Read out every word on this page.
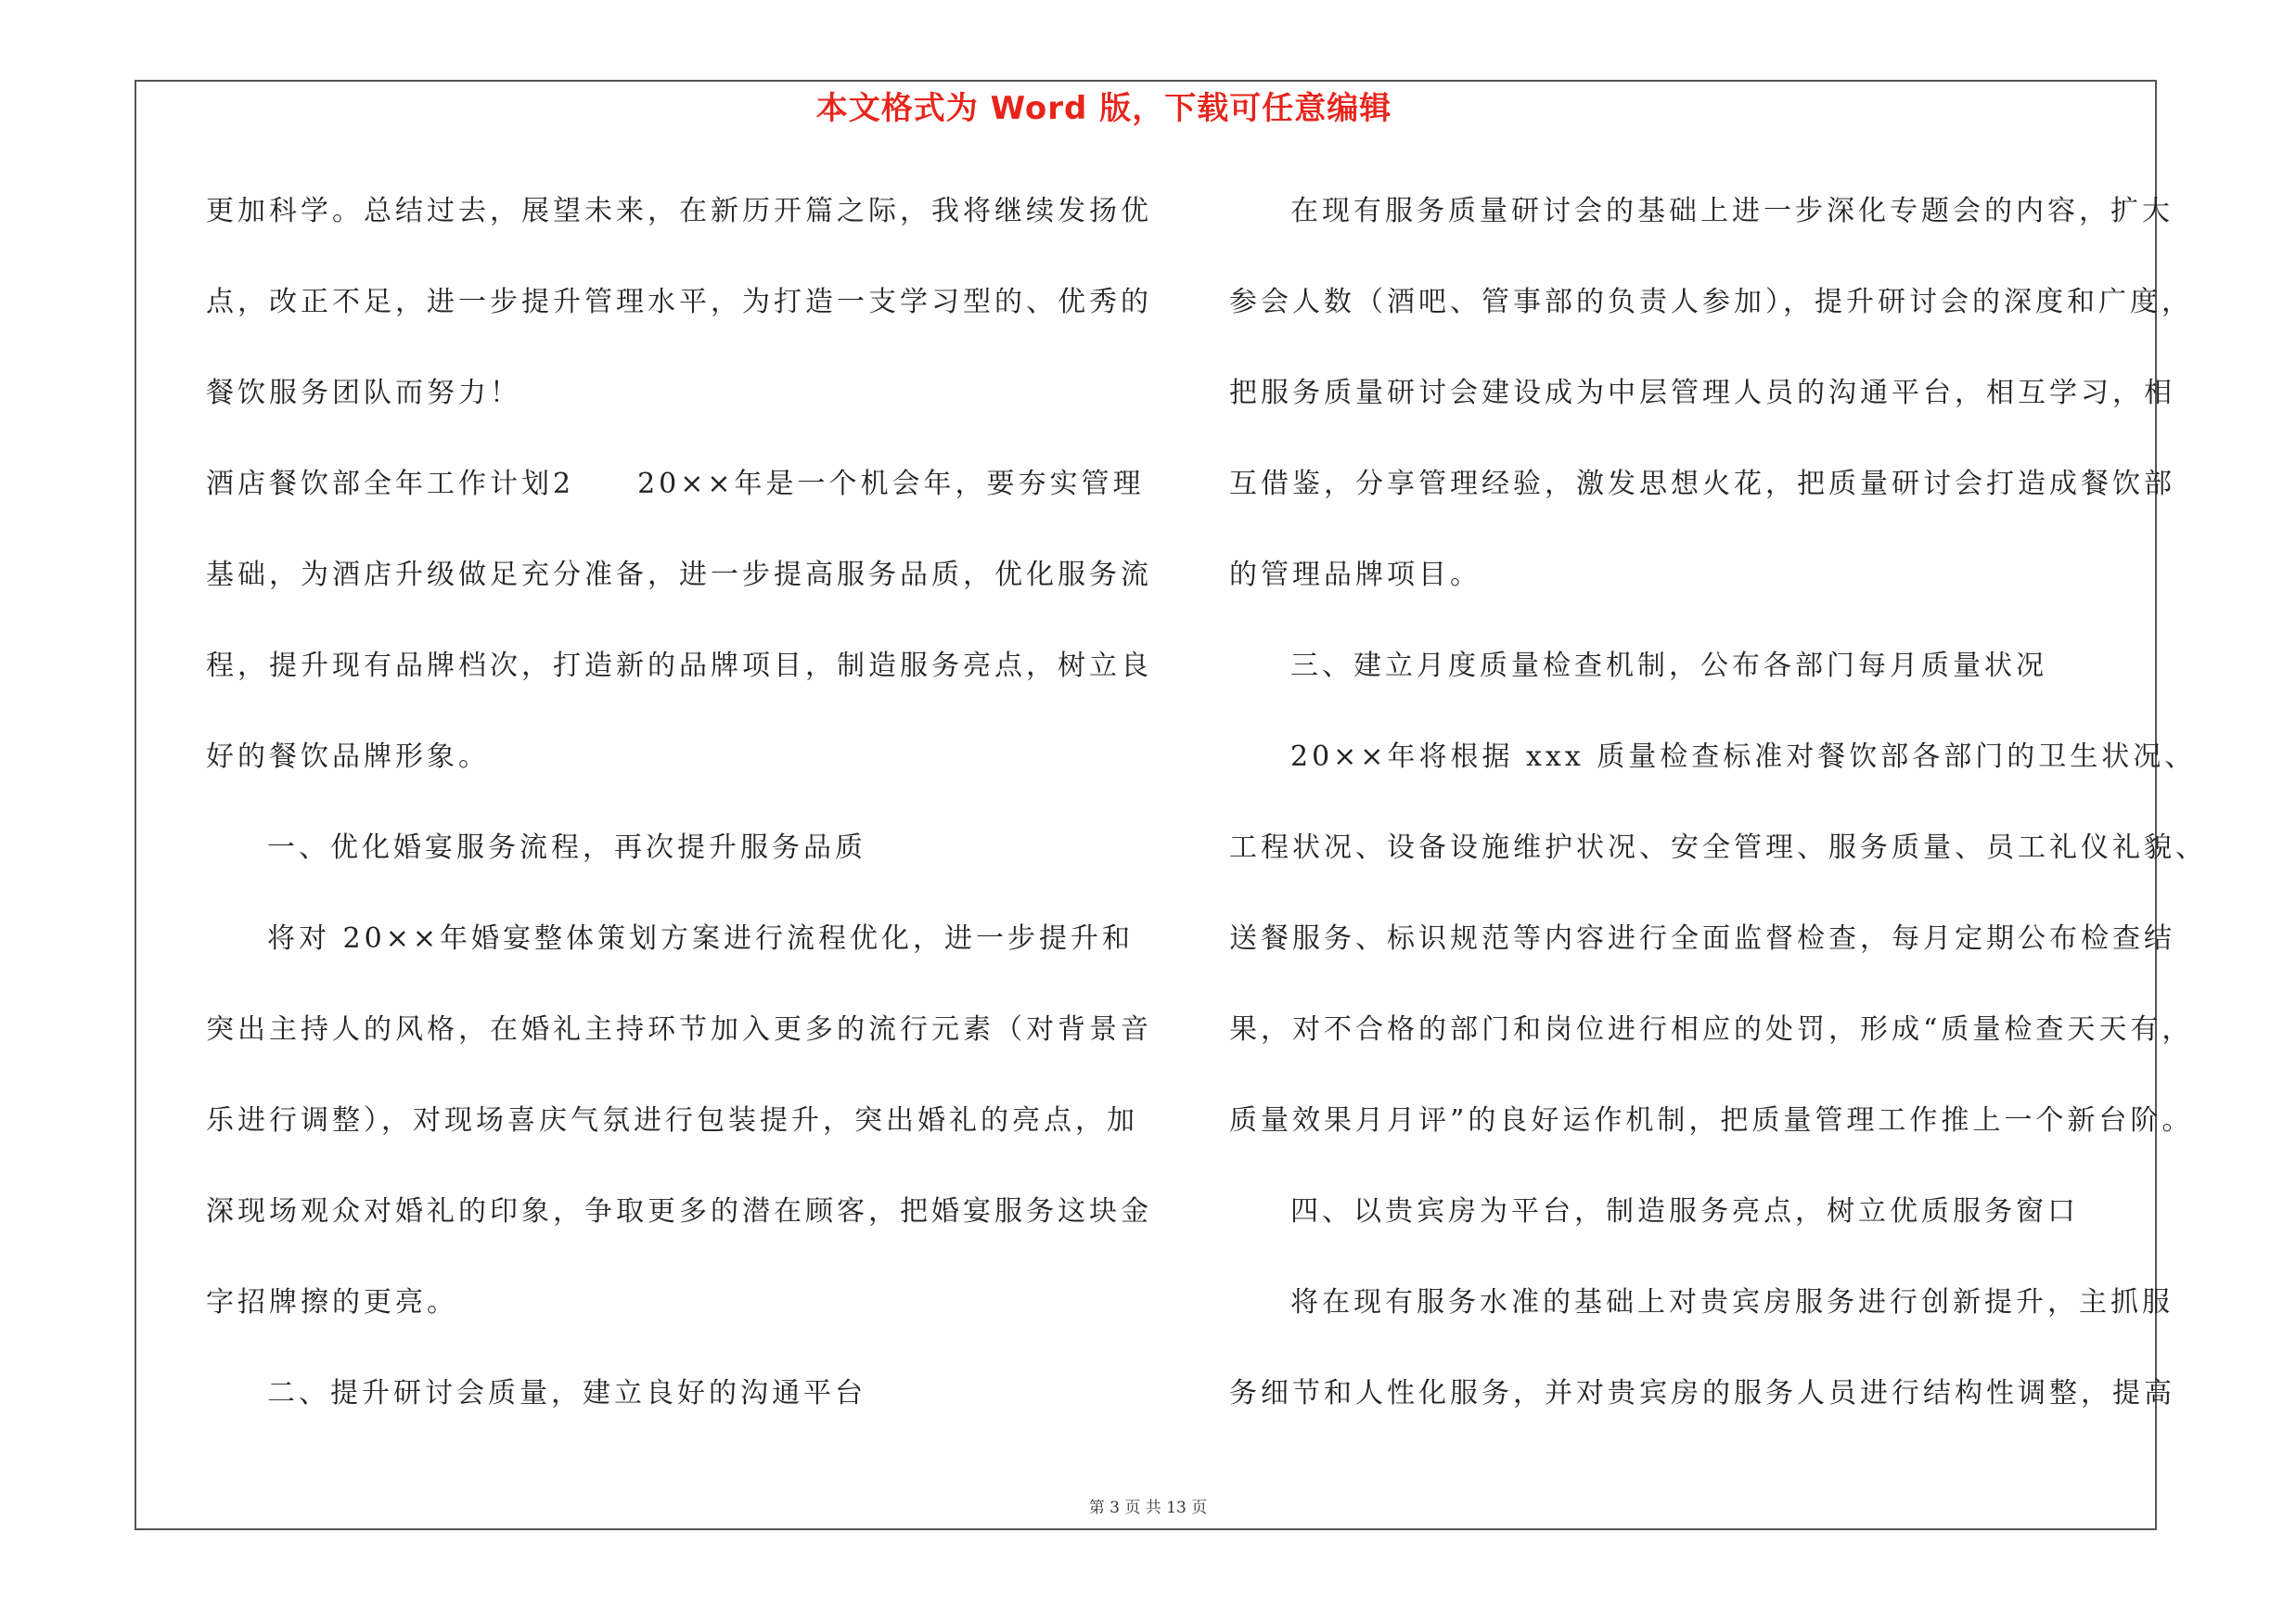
本文格式为 Word 版，下载可任意编辑
更加科学。总结过去，展望未来，在新历开篇之际，我将继续发扬优
点，改正不足，进一步提升管理水平，为打造一支学习型的、优秀的
餐饮服务团队而努力！
酒店餐饮部全年工作计划2　　20××年是一个机会年，要夯实管理
基础，为酒店升级做足充分准备，进一步提高服务品质，优化服务流
程，提升现有品牌档次，打造新的品牌项目，制造服务亮点，树立良
好的餐饮品牌形象。
一、优化婚宴服务流程，再次提升服务品质
将对 20××年婚宴整体策划方案进行流程优化，进一步提升和
突出主持人的风格，在婚礼主持环节加入更多的流行元素（对背景音
乐进行调整），对现场喜庆气氛进行包装提升，突出婚礼的亮点，加
深现场观众对婚礼的印象，争取更多的潜在顾客，把婚宴服务这块金
字招牌擦的更亮。
二、提升研讨会质量，建立良好的沟通平台
在现有服务质量研讨会的基础上进一步深化专题会的内容，扩大
参会人数（酒吧、管事部的负责人参加），提升研讨会的深度和广度，
把服务质量研讨会建设成为中层管理人员的沟通平台，相互学习，相
互借鉴，分享管理经验，激发思想火花，把质量研讨会打造成餐饮部
的管理品牌项目。
三、建立月度质量检查机制，公布各部门每月质量状况
20××年将根据 xxx 质量检查标准对餐饮部各部门的卫生状况、
工程状况、设备设施维护状况、安全管理、服务质量、员工礼仪礼貌、
送餐服务、标识规范等内容进行全面监督检查，每月定期公布检查结
果，对不合格的部门和岗位进行相应的处罚，形成“质量检查天天有，
质量效果月月评”的良好运作机制，把质量管理工作推上一个新台阶。
四、以贵宾房为平台，制造服务亮点，树立优质服务窗口
将在现有服务水准的基础上对贵宾房服务进行创新提升，主抓服
务细节和人性化服务，并对贵宾房的服务人员进行结构性调整，提高
第 3 页 共 13 页
